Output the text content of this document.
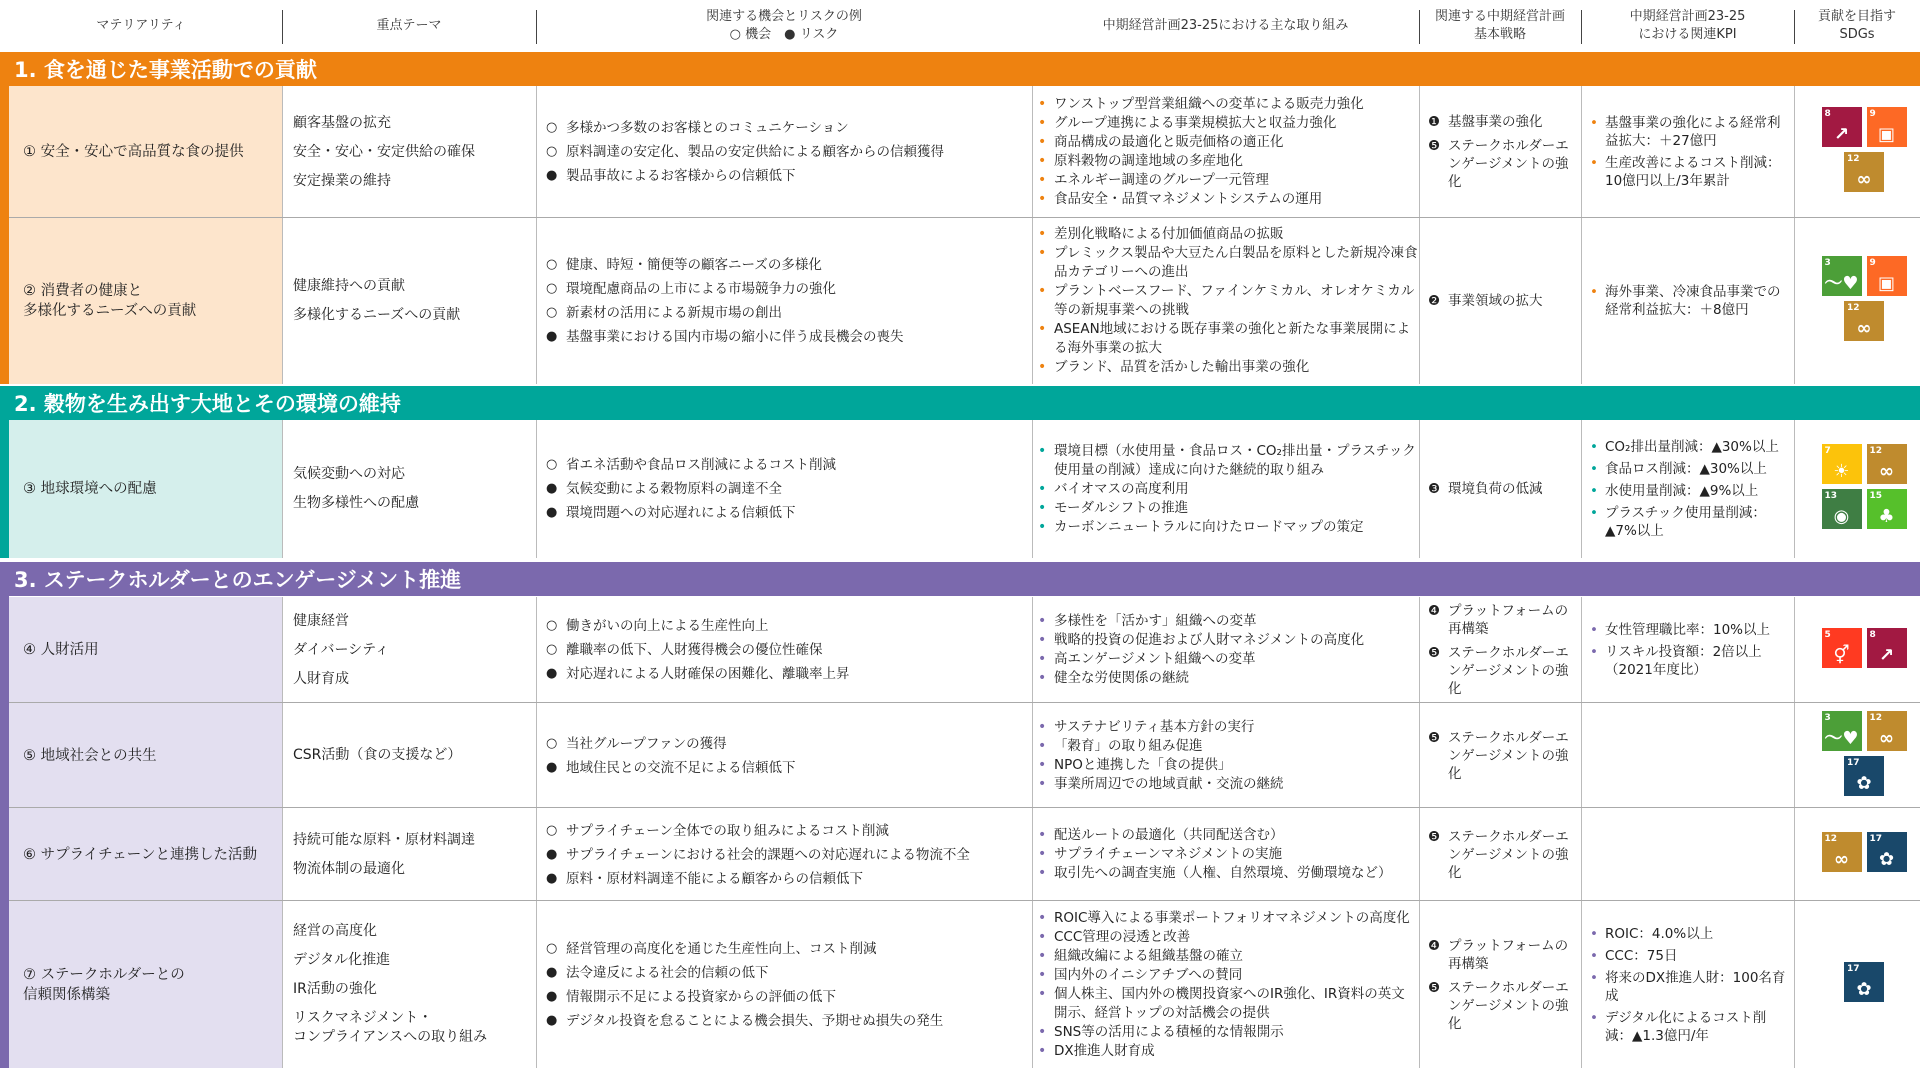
マテリアリティ	重点テーマ
関連する機会とリスクの例
○ 機会　● リスク
中期経営計画23-25における主な取り組み
関連する中期経営計画
基本戦略
中期経営計画23-25
における関連KPI
貢献を目指す
SDGs
1. 食を通じた事業活動での貢献
① 安全・安心で高品質な食の提供
顧客基盤の拡充
安全・安心・安定供給の確保
安定操業の維持
○ 多様かつ多数のお客様とのコミュニケーション
○ 原料調達の安定化、製品の安定供給による顧客からの信頼獲得
● 製品事故によるお客様からの信頼低下
• ワンストップ型営業組織への変革による販売力強化
• グループ連携による事業規模拡大と収益力強化
• 商品構成の最適化と販売価格の適正化
• 原料穀物の調達地域の多産地化
• エネルギー調達のグループ一元管理
• 食品安全・品質マネジメントシステムの運用
❶ 基盤事業の強化
❺ ステークホルダーエンゲージメントの強化
• 基盤事業の強化による経常利益拡大：＋27億円
• 生産改善によるコスト削減：10億円以上/3年累計
8
↗
9
▣
12
∞
② 消費者の健康と
多様化するニーズへの貢献
健康維持への貢献
多様化するニーズへの貢献
○ 健康、時短・簡便等の顧客ニーズの多様化
○ 環境配慮商品の上市による市場競争力の強化
○ 新素材の活用による新規市場の創出
● 基盤事業における国内市場の縮小に伴う成長機会の喪失
• 差別化戦略による付加価値商品の拡販
• プレミックス製品や大豆たん白製品を原料とした新規冷凍食品カテゴリーへの進出
• プラントベースフード、ファインケミカル、オレオケミカル等の新規事業への挑戦
• ASEAN地域における既存事業の強化と新たな事業展開による海外事業の拡大
• ブランド、品質を活かした輸出事業の強化
❷ 事業領域の拡大
• 海外事業、冷凍食品事業での経常利益拡大：＋8億円
3
〜♥
9
▣
12
∞
2. 穀物を生み出す大地とその環境の維持
③ 地球環境への配慮
気候変動への対応
生物多様性への配慮
○ 省エネ活動や食品ロス削減によるコスト削減
● 気候変動による穀物原料の調達不全
● 環境問題への対応遅れによる信頼低下
• 環境目標（水使用量・食品ロス・CO₂排出量・プラスチック使用量の削減）達成に向けた継続的取り組み
• バイオマスの高度利用
• モーダルシフトの推進
• カーボンニュートラルに向けたロードマップの策定
❸ 環境負荷の低減
• CO₂排出量削減：▲30%以上
• 食品ロス削減：▲30%以上
• 水使用量削減：▲9%以上
• プラスチック使用量削減：▲7%以上
7
☀
12
∞
13
◉
15
♣
3. ステークホルダーとのエンゲージメント推進
④ 人財活用
健康経営
ダイバーシティ
人財育成
○ 働きがいの向上による生産性向上
○ 離職率の低下、人財獲得機会の優位性確保
● 対応遅れによる人財確保の困難化、離職率上昇
• 多様性を「活かす」組織への変革
• 戦略的投資の促進および人財マネジメントの高度化
• 高エンゲージメント組織への変革
• 健全な労使関係の継続
❹ プラットフォームの再構築
❺ ステークホルダーエンゲージメントの強化
• 女性管理職比率：10%以上
• リスキル投資額：2倍以上（2021年度比）
5
⚥
8
↗
⑤ 地域社会との共生	CSR活動（食の支援など）
○ 当社グループファンの獲得
● 地域住民との交流不足による信頼低下
• サステナビリティ基本方針の実行
• 「穀育」の取り組み促進
• NPOと連携した「食の提供」
• 事業所周辺での地域貢献・交流の継続
❺ ステークホルダーエンゲージメントの強化
3
〜♥
12
∞
17
✿
⑥ サプライチェーンと連携した活動
持続可能な原料・原材料調達
物流体制の最適化
○ サプライチェーン全体での取り組みによるコスト削減
● サプライチェーンにおける社会的課題への対応遅れによる物流不全
● 原料・原材料調達不能による顧客からの信頼低下
• 配送ルートの最適化（共同配送含む）
• サプライチェーンマネジメントの実施
• 取引先への調査実施（人権、自然環境、労働環境など）
❺ ステークホルダーエンゲージメントの強化
12
∞
17
✿
⑦ ステークホルダーとの
信頼関係構築
経営の高度化
デジタル化推進
IR活動の強化
リスクマネジメント・
コンプライアンスへの取り組み
○ 経営管理の高度化を通じた生産性向上、コスト削減
● 法令違反による社会的信頼の低下
● 情報開示不足による投資家からの評価の低下
● デジタル投資を怠ることによる機会損失、予期せぬ損失の発生
• ROIC導入による事業ポートフォリオマネジメントの高度化
• CCC管理の浸透と改善
• 組織改編による組織基盤の確立
• 国内外のイニシアチブへの賛同
• 個人株主、国内外の機関投資家へのIR強化、IR資料の英文開示、経営トップの対話機会の提供
• SNS等の活用による積極的な情報開示
• DX推進人財育成
❹ プラットフォームの再構築
❺ ステークホルダーエンゲージメントの強化
• ROIC：4.0%以上
• CCC：75日
• 将来のDX推進人財：100名育成
• デジタル化によるコスト削減：▲1.3億円/年
17
✿
